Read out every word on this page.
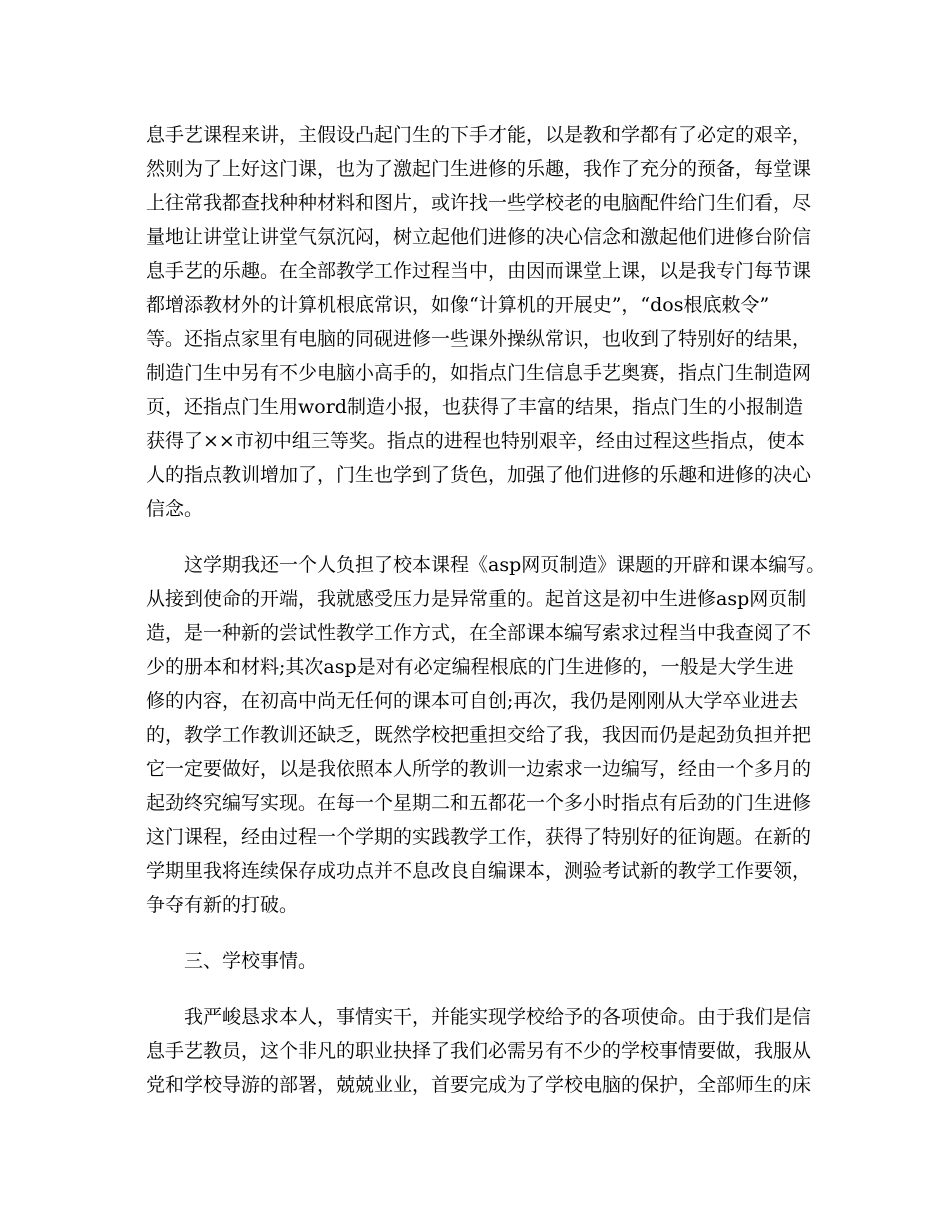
息手艺课程来讲，主假设凸起门生的下手才能，以是教和学都有了必定的艰辛，
然则为了上好这门课，也为了激起门生进修的乐趣，我作了充分的预备，每堂课
上往常我都查找种种材料和图片，或许找一些学校老的电脑配件给门生们看，尽
量地让讲堂让讲堂气氛沉闷，树立起他们进修的决心信念和激起他们进修台阶信
息手艺的乐趣。在全部教学工作过程当中，由因而课堂上课，以是我专门每节课
都增添教材外的计算机根底常识，如像“计算机的开展史”，“dos根底敕令”
等。还指点家里有电脑的同砚进修一些课外操纵常识，也收到了特别好的结果，
制造门生中另有不少电脑小高手的，如指点门生信息手艺奥赛，指点门生制造网
页，还指点门生用word制造小报，也获得了丰富的结果，指点门生的小报制造
获得了××市初中组三等奖。指点的进程也特别艰辛，经由过程这些指点，使本
人的指点教训增加了，门生也学到了货色，加强了他们进修的乐趣和进修的决心
信念。
这学期我还一个人负担了校本课程《asp网页制造》课题的开辟和课本编写。
从接到使命的开端，我就感受压力是异常重的。起首这是初中生进修asp网页制
造，是一种新的尝试性教学工作方式，在全部课本编写索求过程当中我查阅了不
少的册本和材料;其次asp是对有必定编程根底的门生进修的，一般是大学生进
修的内容，在初高中尚无任何的课本可自创;再次，我仍是刚刚从大学卒业进去
的，教学工作教训还缺乏，既然学校把重担交给了我，我因而仍是起劲负担并把
它一定要做好，以是我依照本人所学的教训一边索求一边编写，经由一个多月的
起劲终究编写实现。在每一个星期二和五都花一个多小时指点有后劲的门生进修
这门课程，经由过程一个学期的实践教学工作，获得了特别好的征询题。在新的
学期里我将连续保存成功点并不息改良自编课本，测验考试新的教学工作要领，
争夺有新的打破。
三、学校事情。
我严峻恳求本人，事情实干，并能实现学校给予的各项使命。由于我们是信
息手艺教员，这个非凡的职业抉择了我们必需另有不少的学校事情要做，我服从
党和学校导游的部署，兢兢业业，首要完成为了学校电脑的保护，全部师生的床
